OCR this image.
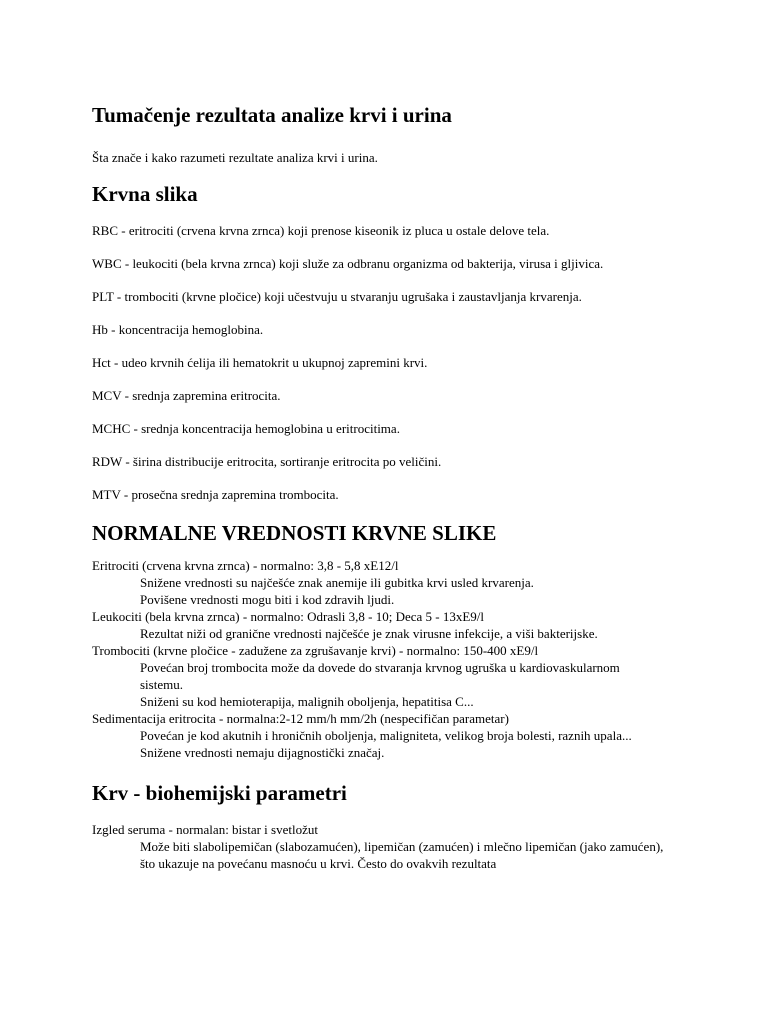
Tumačenje rezultata analize krvi i urina

Šta znače i kako razumeti rezultate analiza krvi i urina.

Krvna slika

RBC - eritrociti (crvena krvna zrnca) koji prenose kiseonik iz pluca u ostale delove tela.

WBC - leukociti (bela krvna zrnca) koji služe za odbranu organizma od bakterija, virusa i gljivica.

PLT - trombociti (krvne pločice) koji učestvuju u stvaranju ugrušaka i zaustavljanja krvarenja.

Hb - koncentracija hemoglobina.

Hct - udeo krvnih ćelija ili hematokrit u ukupnoj zapremini krvi.

MCV - srednja zapremina eritrocita.

MCHC - srednja koncentracija hemoglobina u eritrocitima.

RDW - širina distribucije eritrocita, sortiranje eritrocita po veličini.

MTV - prosečna srednja zapremina trombocita.

NORMALNE VREDNOSTI KRVNE SLIKE
Eritrociti (crvena krvna zrnca) - normalno: 3,8 - 5,8 xE12/l
Snižene vrednosti su najčešće znak anemije ili gubitka krvi usled krvarenja.
Povišene vrednosti mogu biti i kod zdravih ljudi.
Leukociti (bela krvna zrnca) - normalno: Odrasli 3,8 - 10; Deca 5 - 13xE9/l
Rezultat niži od granične vrednosti najčešće je znak virusne infekcije, a viši bakterijske.
Trombociti (krvne pločice - zadužene za zgrušavanje krvi) - normalno: 150-400 xE9/l
Povećan broj trombocita može da dovede do stvaranja krvnog ugruška u kardiovaskularnom sistemu.
Sniženi su kod hemioterapija, malignih oboljenja, hepatitisa C...
Sedimentacija eritrocita - normalna:2-12 mm/h mm/2h (nespecifičan parametar)
Povećan je kod akutnih i hroničnih oboljenja, maligniteta, velikog broja bolesti, raznih upala...
Snižene vrednosti nemaju dijagnostički značaj.
Krv - biohemijski parametri
Izgled seruma - normalan: bistar i svetložut
Može biti slabolipemičan (slabozamućen), lipemičan (zamućen) i mlečno lipemičan (jako zamućen), što ukazuje na povećanu masnoću u krvi. Često do ovakvih rezultata
